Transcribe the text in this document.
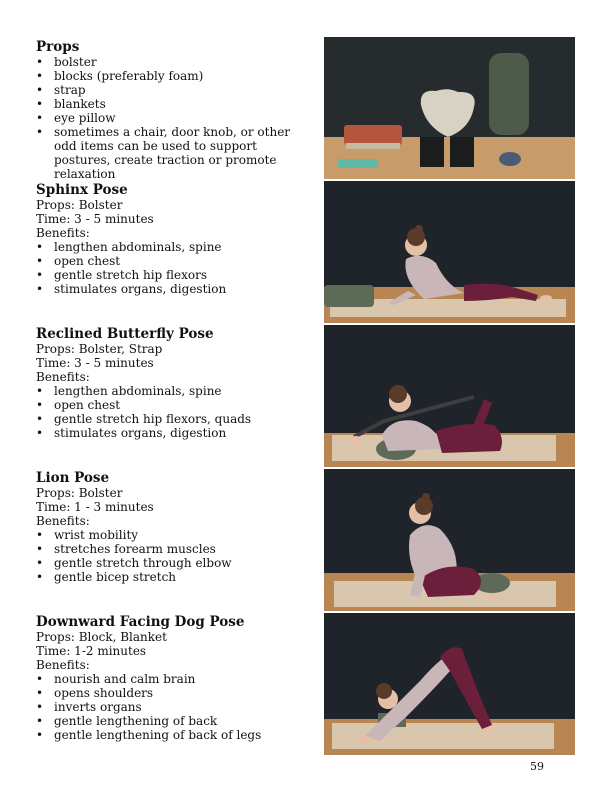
Props

• bolster
• blocks (preferably foam)
• strap
• blankets
• eye pillow
• sometimes a chair, door knob, or other odd items can be used to support postures, create traction or promote relaxation

Sphinx Pose

Props: Bolster

Time: 3 - 5 minutes

Benefits:

• lengthen abdominals, spine
• open chest
• gentle stretch hip flexors
• stimulates organs, digestion

Reclined Butterfly Pose

Props: Bolster, Strap

Time: 3 - 5 minutes

Benefits:

• lengthen abdominals, spine
• open chest
• gentle stretch hip flexors, quads
• stimulates organs, digestion

Lion Pose

Props: Bolster

Time: 1 - 3 minutes

Benefits:

• wrist mobility
• stretches forearm muscles
• gentle stretch through elbow
• gentle bicep stretch

Downward Facing Dog Pose

Props: Block, Blanket

Time: 1-2 minutes

Benefits:

• nourish and calm brain
• opens shoulders
• inverts organs
• gentle lengthening of back
• gentle lengthening of back of legs
59
